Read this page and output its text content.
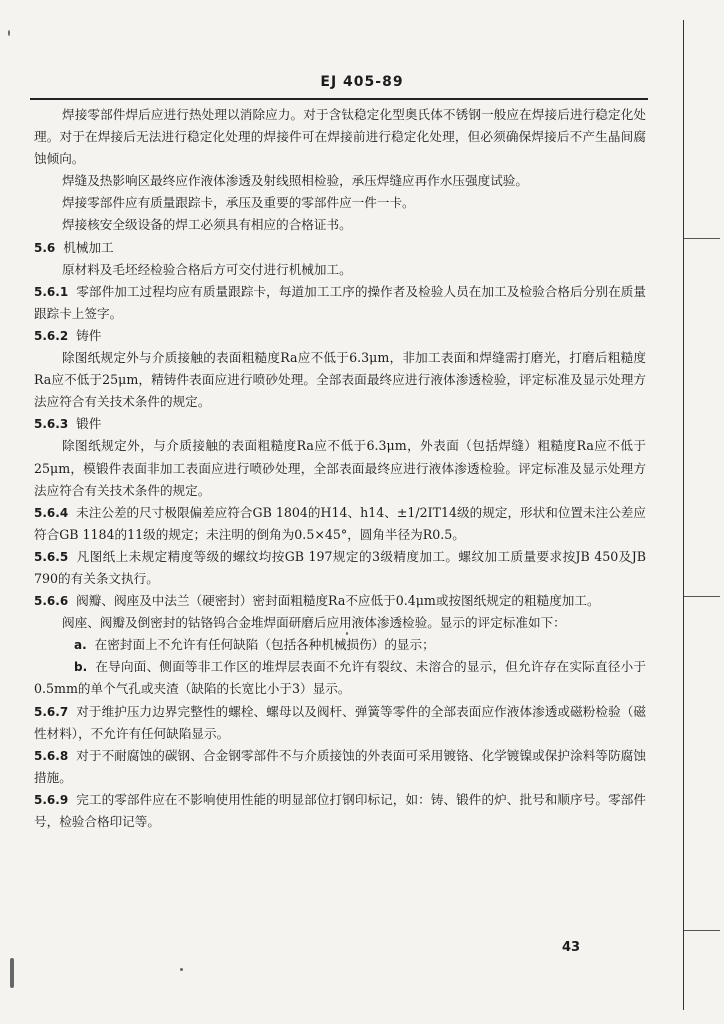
EJ 405-89

焊接零部件焊后应进行热处理以消除应力。对于含钛稳定化型奥氏体不锈钢一般应在焊接后进行稳定化处理。对于在焊接后无法进行稳定化处理的焊接件可在焊接前进行稳定化处理，但必须确保焊接后不产生晶间腐蚀倾向。

焊缝及热影响区最终应作液体渗透及射线照相检验，承压焊缝应再作水压强度试验。

焊接零部件应有质量跟踪卡，承压及重要的零部件应一件一卡。

焊接核安全级设备的焊工必须具有相应的合格证书。

5.6 机械加工

原材料及毛坯经检验合格后方可交付进行机械加工。

5.6.1 零部件加工过程均应有质量跟踪卡，每道加工工序的操作者及检验人员在加工及检验合格后分别在质量跟踪卡上签字。

5.6.2 铸件

除图纸规定外与介质接触的表面粗糙度Ra应不低于6.3μm，非加工表面和焊缝需打磨光，打磨后粗糙度Ra应不低于25μm，精铸件表面应进行喷砂处理。全部表面最终应进行液体渗透检验，评定标准及显示处理方法应符合有关技术条件的规定。

5.6.3 锻件

除图纸规定外，与介质接触的表面粗糙度Ra应不低于6.3μm，外表面（包括焊缝）粗糙度Ra应不低于25μm，模锻件表面非加工表面应进行喷砂处理，全部表面最终应进行液体渗透检验。评定标准及显示处理方法应符合有关技术条件的规定。

5.6.4 未注公差的尺寸极限偏差应符合GB 1804的H14、h14、±1/2IT14级的规定，形状和位置未注公差应符合GB 1184的11级的规定；未注明的倒角为0.5×45°，圆角半径为R0.5。

5.6.5 凡图纸上未规定精度等级的螺纹均按GB 197规定的3级精度加工。螺纹加工质量要求按JB 450及JB 790的有关条文执行。

5.6.6 阀瓣、阀座及中法兰（硬密封）密封面粗糙度Ra不应低于0.4μm或按图纸规定的粗糙度加工。

阀座、阀瓣及倒密封的钴铬钨合金堆焊面研磨后应用液体渗透检验。显示的评定标准如下：

a. 在密封面上不允许有任何缺陷（包括各种机械损伤）的显示；

b. 在导向面、侧面等非工作区的堆焊层表面不允许有裂纹、未溶合的显示，但允许存在实际直径小于0.5mm的单个气孔或夹渣（缺陷的长宽比小于3）显示。

5.6.7 对于维护压力边界完整性的螺栓、螺母以及阀杆、弹簧等零件的全部表面应作液体渗透或磁粉检验（磁性材料），不允许有任何缺陷显示。

5.6.8 对于不耐腐蚀的碳钢、合金钢零部件不与介质接蚀的外表面可采用镀铬、化学镀镍或保护涂料等防腐蚀措施。

5.6.9 完工的零部件应在不影响使用性能的明显部位打钢印标记，如：铸、锻件的炉、批号和顺序号。零部件号，检验合格印记等。

43
